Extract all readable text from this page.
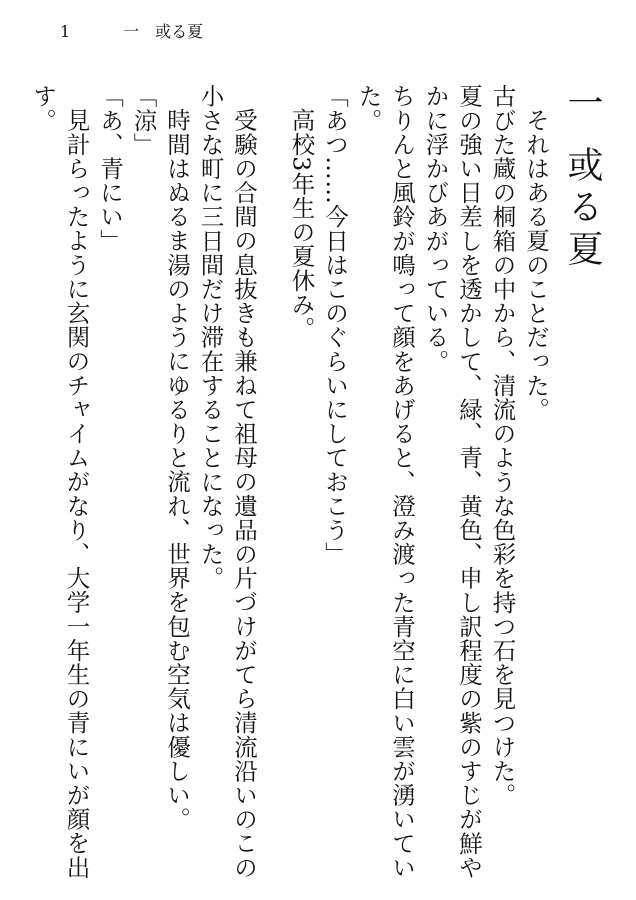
1	一　或る夏
一或る夏

それはある夏のことだった。

古びた蔵の桐箱の中から、清流のような色彩を持つ石を見つけた。

夏の強い日差しを透かして、緑、青、黄色、申し訳程度の紫のすじが鮮やかに浮かびあがっている。

ちりんと風鈴が鳴って顔をあげると、澄み渡った青空に白い雲が湧いていた。

「あつ……今日はこのぐらいにしておこう」

高校3年生の夏休み。

受験の合間の息抜きも兼ねて祖母の遺品の片づけがてら清流沿いのこの小さな町に三日間だけ滞在することになった。

時間はぬるま湯のようにゆるりと流れ、世界を包む空気は優しい。

「涼」

「あ、青にい」

見計らったように玄関のチャイムがなり、大学一年生の青にいが顔を出す。
